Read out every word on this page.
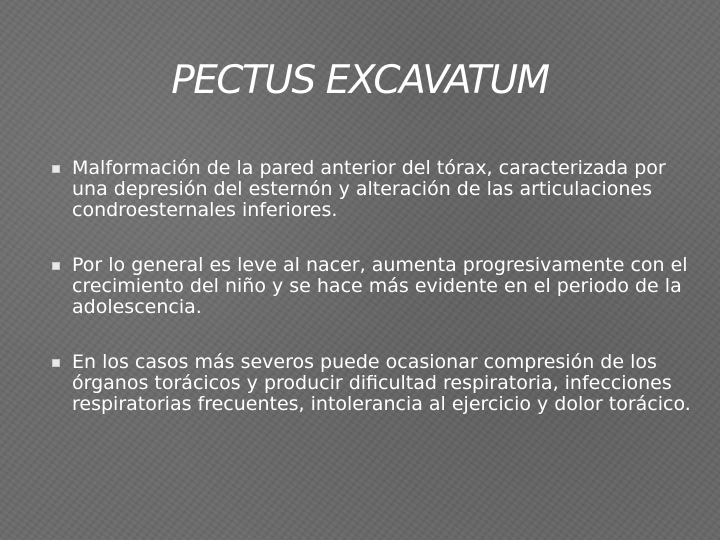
PECTUS EXCAVATUM
Malformación de la pared anterior del tórax, caracterizada por una depresión del esternón y alteración de las articulaciones condroesternales inferiores.
Por lo general es leve al nacer, aumenta progresivamente con el crecimiento del niño y se hace más evidente en el periodo de la adolescencia.
En los casos más severos puede ocasionar compresión de los órganos torácicos y producir dificultad respiratoria, infecciones respiratorias frecuentes, intolerancia al ejercicio y dolor torácico.
